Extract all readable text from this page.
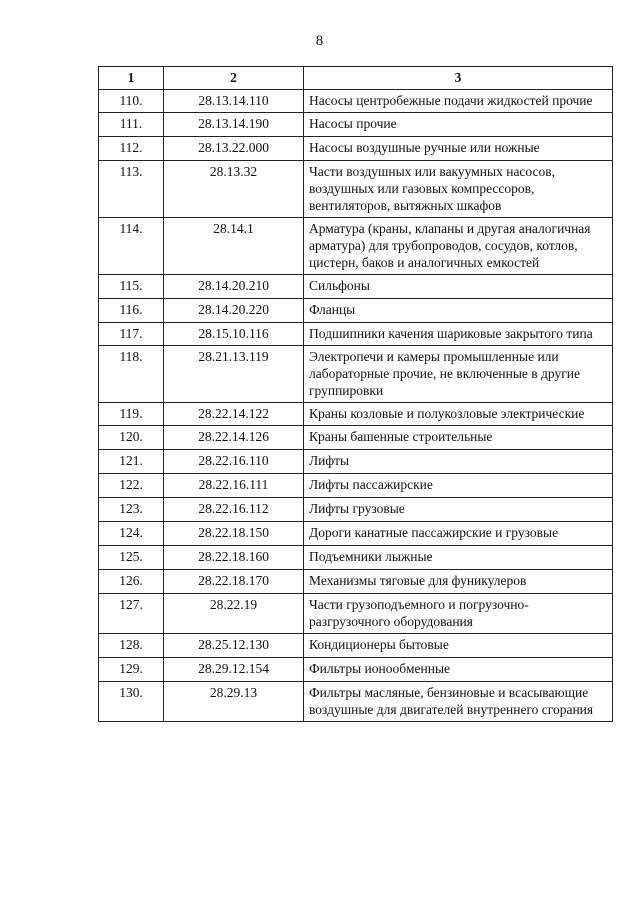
8
1	2	3
110.	28.13.14.110	Насосы центробежные подачи жидкостей прочие
111.	28.13.14.190	Насосы прочие
112.	28.13.22.000	Насосы воздушные ручные или ножные
113.	28.13.32	Части воздушных или вакуумных насосов, воздушных или газовых компрессоров, вентиляторов, вытяжных шкафов
114.	28.14.1	Арматура (краны, клапаны и другая аналогичная арматура) для трубопроводов, сосудов, котлов, цистерн, баков и аналогичных емкостей
115.	28.14.20.210	Сильфоны
116.	28.14.20.220	Фланцы
117.	28.15.10.116	Подшипники качения шариковые закрытого типа
118.	28.21.13.119	Электропечи и камеры промышленные или лабораторные прочие, не включенные в другие группировки
119.	28.22.14.122	Краны козловые и полукозловые электрические
120.	28.22.14.126	Краны башенные строительные
121.	28.22.16.110	Лифты
122.	28.22.16.111	Лифты пассажирские
123.	28.22.16.112	Лифты грузовые
124.	28.22.18.150	Дороги канатные пассажирские и грузовые
125.	28.22.18.160	Подъемники лыжные
126.	28.22.18.170	Механизмы тяговые для фуникулеров
127.	28.22.19	Части грузоподъемного и погрузочно-разгрузочного оборудования
128.	28.25.12.130	Кондиционеры бытовые
129.	28.29.12.154	Фильтры ионообменные
130.	28.29.13	Фильтры масляные, бензиновые и всасывающие воздушные для двигателей внутреннего сгорания
